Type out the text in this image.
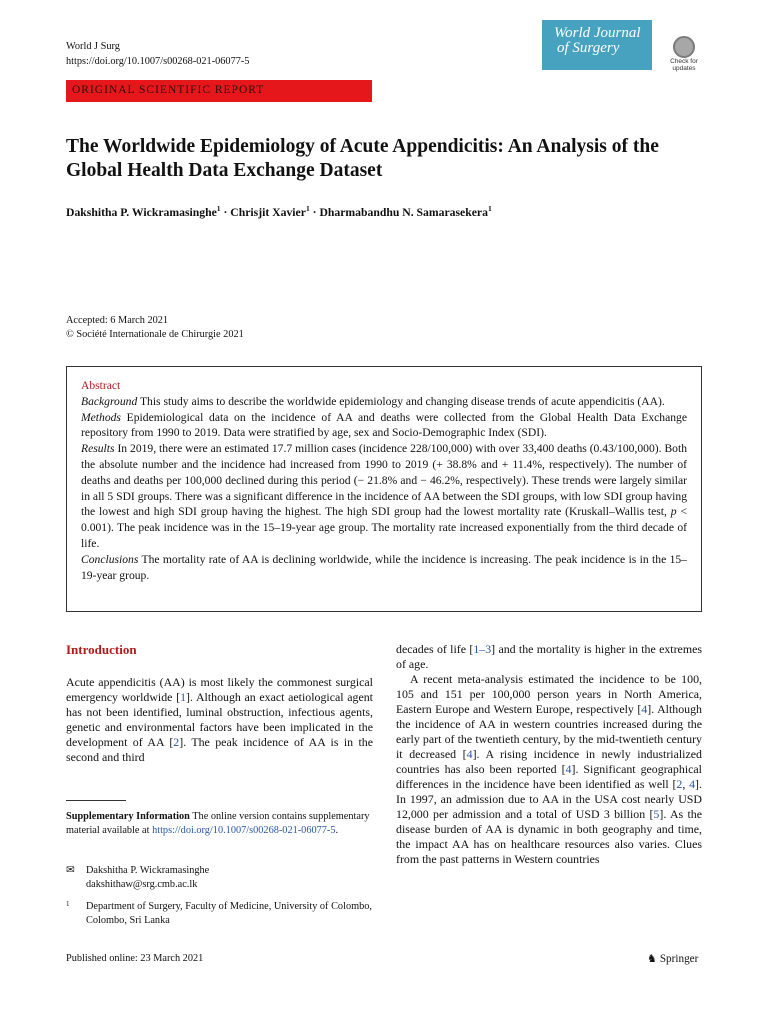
World J Surg
https://doi.org/10.1007/s00268-021-06077-5
ORIGINAL SCIENTIFIC REPORT
World Journal
of Surgery
Check for
updates
The Worldwide Epidemiology of Acute Appendicitis: An Analysis of the Global Health Data Exchange Dataset
Dakshitha P. Wickramasinghe$^1$ · Chrisjit Xavier$^1$ · Dharmabandhu N. Samarasekera$^1$
Accepted: 6 March 2021
© Société Internationale de Chirurgie 2021
Abstract
Background This study aims to describe the worldwide epidemiology and changing disease trends of acute appendicitis (AA).
Methods Epidemiological data on the incidence of AA and deaths were collected from the Global Health Data Exchange repository from 1990 to 2019. Data were stratified by age, sex and Socio-Demographic Index (SDI).
Results In 2019, there were an estimated 17.7 million cases (incidence 228/100,000) with over 33,400 deaths (0.43/100,000). Both the absolute number and the incidence had increased from 1990 to 2019 (+ 38.8% and + 11.4%, respectively). The number of deaths and deaths per 100,000 declined during this period (− 21.8% and − 46.2%, respectively). These trends were largely similar in all 5 SDI groups. There was a significant difference in the incidence of AA between the SDI groups, with low SDI group having the lowest and high SDI group having the highest. The high SDI group had the lowest mortality rate (Kruskall–Wallis test, p < 0.001). The peak incidence was in the 15–19-year age group. The mortality rate increased exponentially from the third decade of life.
Conclusions The mortality rate of AA is declining worldwide, while the incidence is increasing. The peak incidence is in the 15–19-year group.
Introduction
Acute appendicitis (AA) is most likely the commonest surgical emergency worldwide [1]. Although an exact aetiological agent has not been identified, luminal obstruction, infectious agents, genetic and environmental factors have been implicated in the development of AA [2]. The peak incidence of AA is in the second and third
decades of life [1–3] and the mortality is higher in the extremes of age.
A recent meta-analysis estimated the incidence to be 100, 105 and 151 per 100,000 person years in North America, Eastern Europe and Western Europe, respectively [4]. Although the incidence of AA in western countries increased during the early part of the twentieth century, by the mid-twentieth century it decreased [4]. A rising incidence in newly industrialized countries has also been reported [4]. Significant geographical differences in the incidence have been identified as well [2, 4]. In 1997, an admission due to AA in the USA cost nearly USD 12,000 per admission and a total of USD 3 billion [5]. As the disease burden of AA is dynamic in both geography and time, the impact AA has on healthcare resources also varies. Clues from the past patterns in Western countries
Supplementary Information The online version contains supplementary material available at https://doi.org/10.1007/s00268-021-06077-5.
✉ Dakshitha P. Wickramasinghe
dakshithaw@srg.cmb.ac.lk
1	Department of Surgery, Faculty of Medicine, University of Colombo, Colombo, Sri Lanka
Published online: 23 March 2021	♞ Springer
